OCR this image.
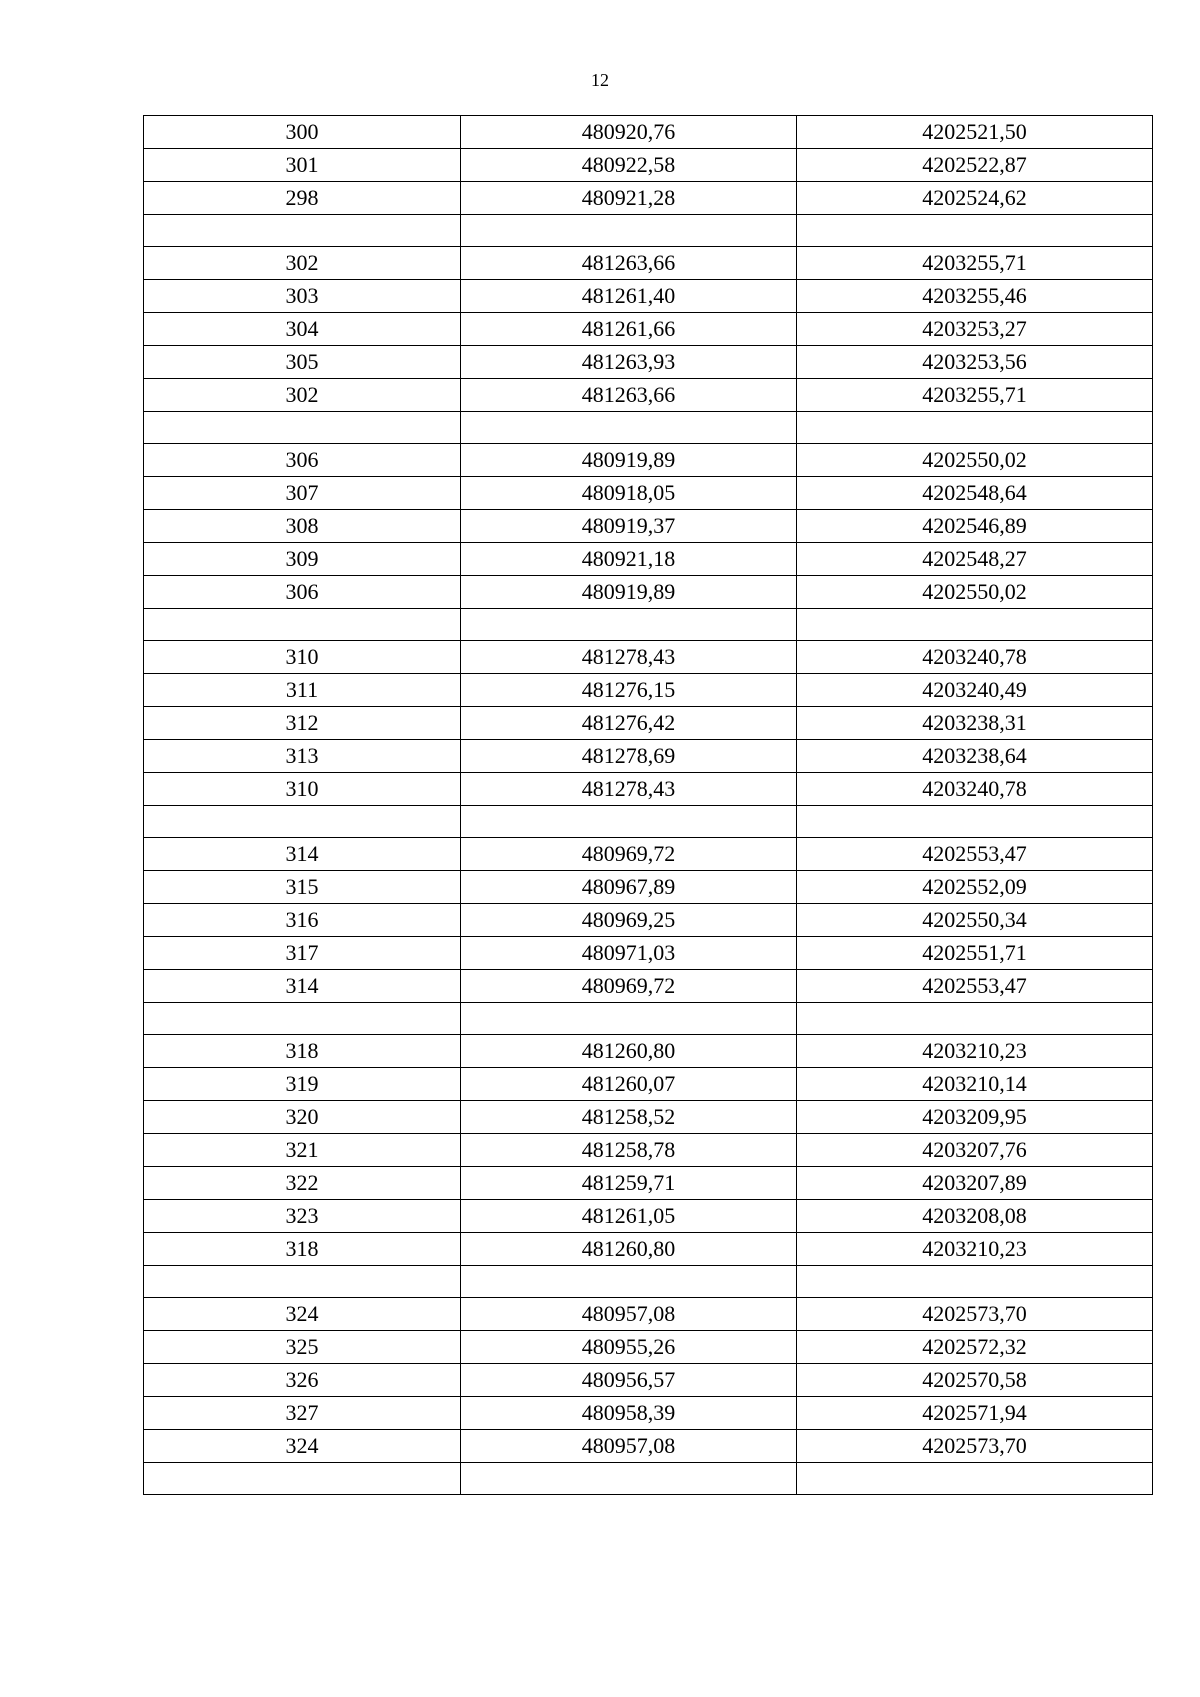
12
300	480920,76	4202521,50
301	480922,58	4202522,87
298	480921,28	4202524,62

302	481263,66	4203255,71
303	481261,40	4203255,46
304	481261,66	4203253,27
305	481263,93	4203253,56
302	481263,66	4203255,71

306	480919,89	4202550,02
307	480918,05	4202548,64
308	480919,37	4202546,89
309	480921,18	4202548,27
306	480919,89	4202550,02

310	481278,43	4203240,78
311	481276,15	4203240,49
312	481276,42	4203238,31
313	481278,69	4203238,64
310	481278,43	4203240,78

314	480969,72	4202553,47
315	480967,89	4202552,09
316	480969,25	4202550,34
317	480971,03	4202551,71
314	480969,72	4202553,47

318	481260,80	4203210,23
319	481260,07	4203210,14
320	481258,52	4203209,95
321	481258,78	4203207,76
322	481259,71	4203207,89
323	481261,05	4203208,08
318	481260,80	4203210,23

324	480957,08	4202573,70
325	480955,26	4202572,32
326	480956,57	4202570,58
327	480958,39	4202571,94
324	480957,08	4202573,70
